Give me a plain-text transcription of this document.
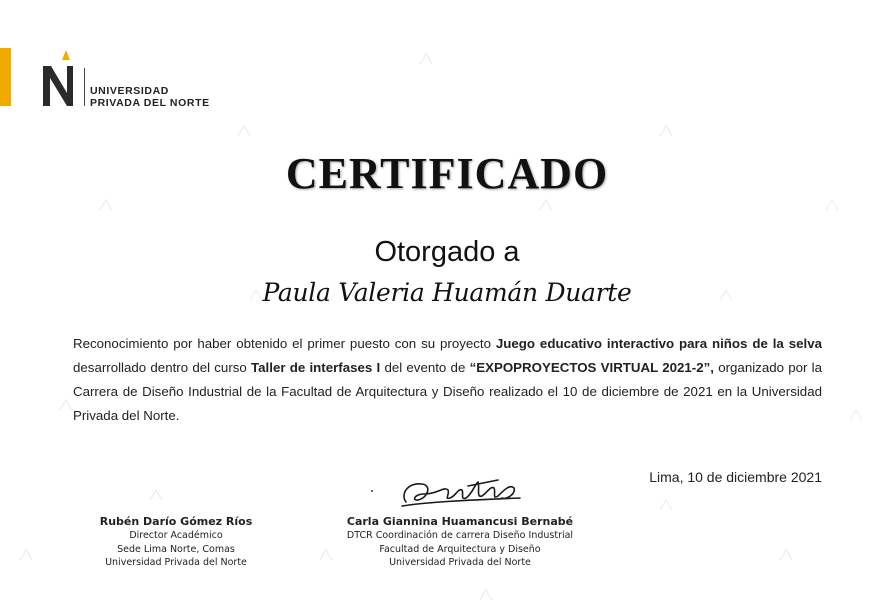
UNIVERSIDAD
PRIVADA DEL NORTE
CERTIFICADO
Otorgado a
Paula Valeria Huamán Duarte
Reconocimiento por haber obtenido el primer puesto con su proyecto Juego educativo interactivo para niños de la selva desarrollado dentro del curso Taller de interfases I del evento de “EXPOPROYECTOS VIRTUAL 2021-2”, organizado por la Carrera de Diseño Industrial de la Facultad de Arquitectura y Diseño realizado el 10 de diciembre de 2021 en la Universidad Privada del Norte.
Lima, 10 de diciembre 2021
Rubén Darío Gómez Ríos
Director Académico
Sede Lima Norte, Comas
Universidad Privada del Norte
Carla Giannina Huamancusi Bernabé
DTCR Coordinación de carrera Diseño Industrial
Facultad de Arquitectura y Diseño
Universidad Privada del Norte
